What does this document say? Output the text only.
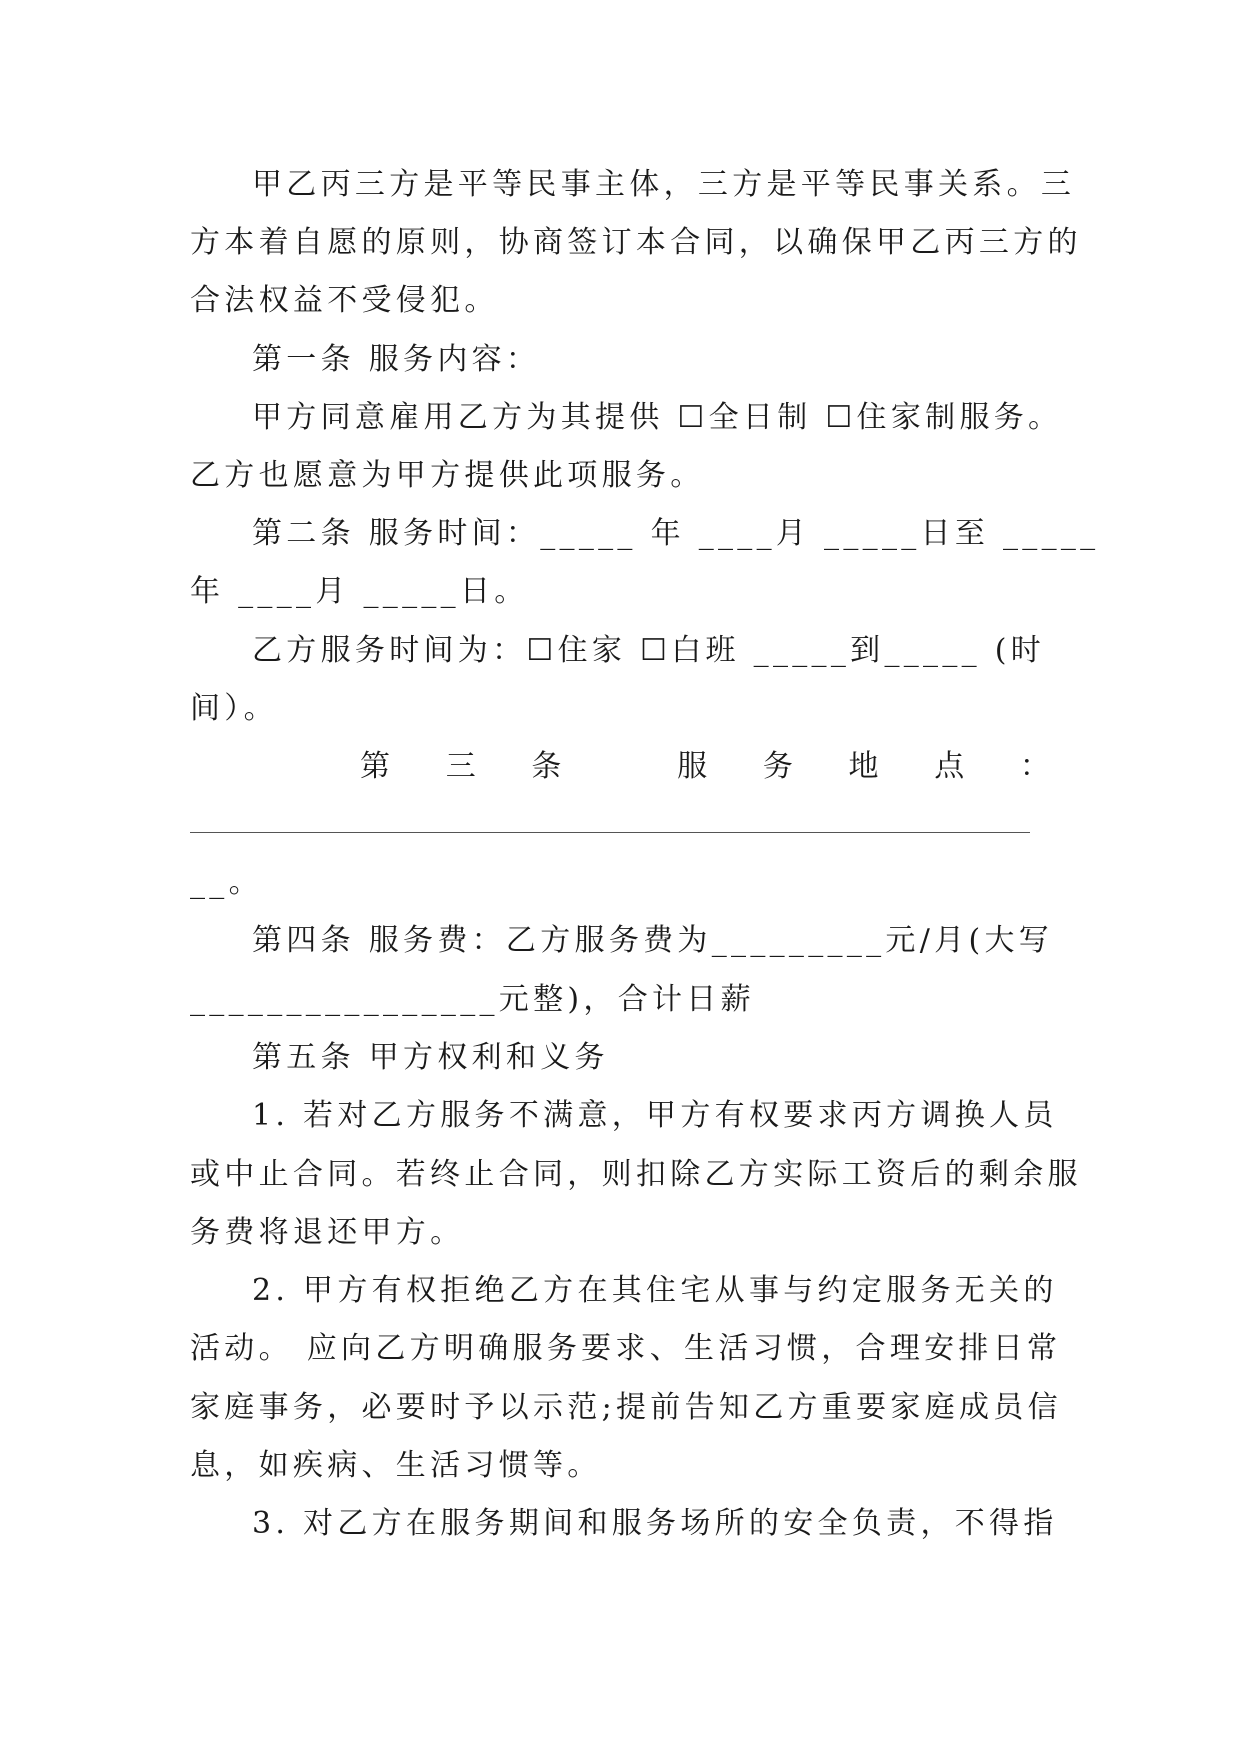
甲乙丙三方是平等民事主体，三方是平等民事关系。三
方本着自愿的原则，协商签订本合同，以确保甲乙丙三方的
合法权益不受侵犯。
第一条 服务内容：
甲方同意雇用乙方为其提供 ☐全日制 ☐住家制服务。
乙方也愿意为甲方提供此项服务。
第二条 服务时间：_____ 年 ____月 _____日至 _____
年 ____月 _____日。
乙方服务时间为：☐住家 ☐白班 _____到_____ (时
间）。
第 三 条	服 务 地 点 ：
__。
第四条 服务费：乙方服务费为_________元/月(大写
________________元整)，合计日薪
第五条 甲方权利和义务
1. 若对乙方服务不满意，甲方有权要求丙方调换人员
或中止合同。若终止合同，则扣除乙方实际工资后的剩余服
务费将退还甲方。
2. 甲方有权拒绝乙方在其住宅从事与约定服务无关的
活动。 应向乙方明确服务要求、生活习惯，合理安排日常
家庭事务，必要时予以示范;提前告知乙方重要家庭成员信
息，如疾病、生活习惯等。
3. 对乙方在服务期间和服务场所的安全负责，不得指
